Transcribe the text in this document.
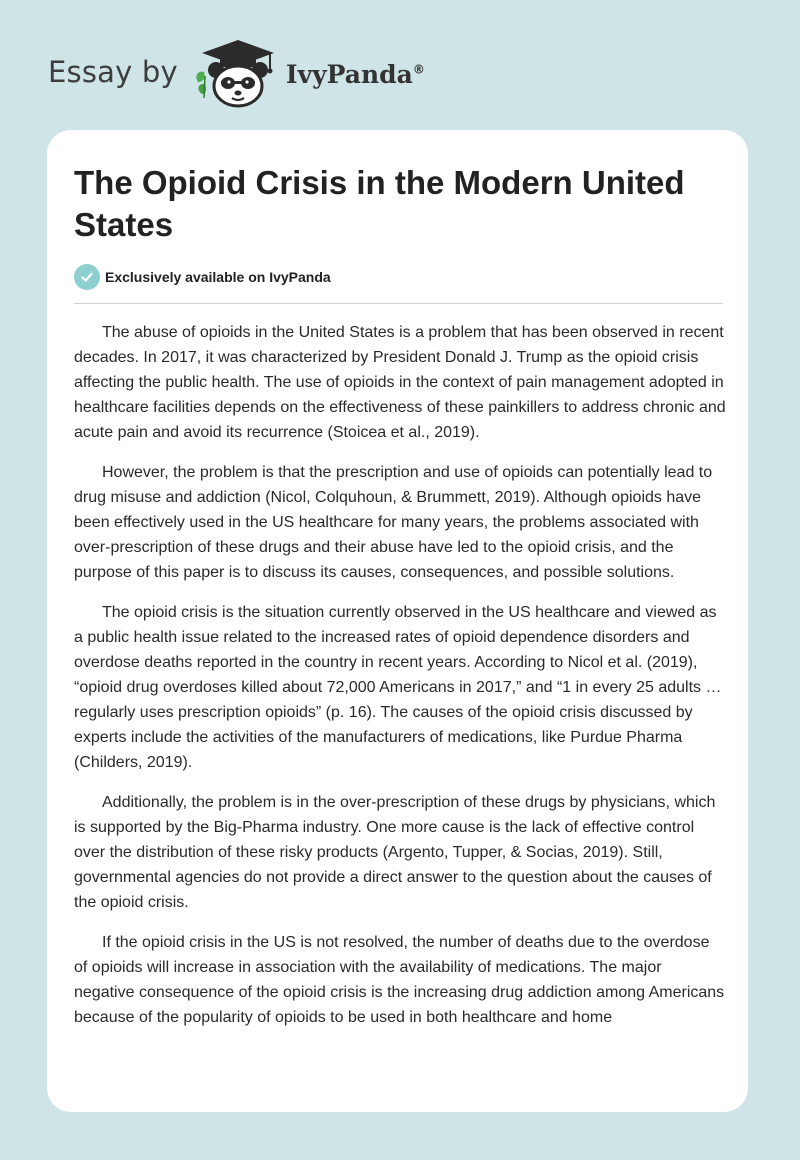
Essay by	IvyPanda®
The Opioid Crisis in the Modern United States
Exclusively available on IvyPanda

The abuse of opioids in the United States is a problem that has been observed in recent decades. In 2017, it was characterized by President Donald J. Trump as the opioid crisis affecting the public health. The use of opioids in the context of pain management adopted in healthcare facilities depends on the effectiveness of these painkillers to address chronic and acute pain and avoid its recurrence (Stoicea et al., 2019).

However, the problem is that the prescription and use of opioids can potentially lead to drug misuse and addiction (Nicol, Colquhoun, & Brummett, 2019). Although opioids have been effectively used in the US healthcare for many years, the problems associated with over-prescription of these drugs and their abuse have led to the opioid crisis, and the purpose of this paper is to discuss its causes, consequences, and possible solutions.

The opioid crisis is the situation currently observed in the US healthcare and viewed as a public health issue related to the increased rates of opioid dependence disorders and overdose deaths reported in the country in recent years. According to Nicol et al. (2019), “opioid drug overdoses killed about 72,000 Americans in 2017,” and “1 in every 25 adults … regularly uses prescription opioids” (p. 16). The causes of the opioid crisis discussed by experts include the activities of the manufacturers of medications, like Purdue Pharma (Childers, 2019).

Additionally, the problem is in the over-prescription of these drugs by physicians, which is supported by the Big-Pharma industry. One more cause is the lack of effective control over the distribution of these risky products (Argento, Tupper, & Socias, 2019). Still, governmental agencies do not provide a direct answer to the question about the causes of the opioid crisis.

If the opioid crisis in the US is not resolved, the number of deaths due to the overdose of opioids will increase in association with the availability of medications. The major negative consequence of the opioid crisis is the increasing drug addiction among Americans because of the popularity of opioids to be used in both healthcare and home
